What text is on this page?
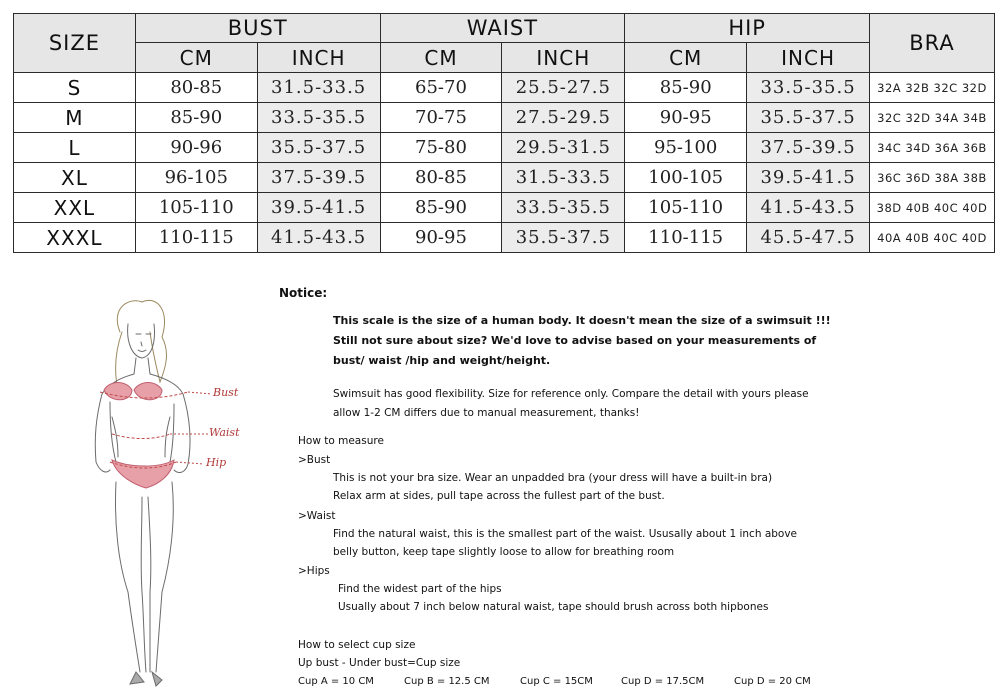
SIZE	BUST		WAIST		HIP		BRA
	CM	INCH	CM	INCH	CM	INCH	
S	80-85	31.5-33.5	65-70	25.5-27.5	85-90	33.5-35.5	32A 32B 32C 32D
M	85-90	33.5-35.5	70-75	27.5-29.5	90-95	35.5-37.5	32C 32D 34A 34B
L	90-96	35.5-37.5	75-80	29.5-31.5	95-100	37.5-39.5	34C 34D 36A 36B
XL	96-105	37.5-39.5	80-85	31.5-33.5	100-105	39.5-41.5	36C 36D 38A 38B
XXL	105-110	39.5-41.5	85-90	33.5-35.5	105-110	41.5-43.5	38D 40B 40C 40D
XXXL	110-115	41.5-43.5	90-95	35.5-37.5	110-115	45.5-47.5	40A 40B 40C 40D
Bust
Waist
Hip
Notice:
This scale is the size of a human body. It doesn't mean the size of a swimsuit !!!
Still not sure about size? We'd love to advise based on your measurements of
bust/ waist /hip and weight/height.
Swimsuit has good flexibility. Size for reference only. Compare the detail with yours please
allow 1-2 CM differs due to manual measurement, thanks!
How to measure
>Bust
This is not your bra size. Wear an unpadded bra (your dress will have a built-in bra)
Relax arm at sides, pull tape across the fullest part of the bust.
>Waist
Find the natural waist, this is the smallest part of the waist. Ususally about 1 inch above
belly button, keep tape slightly loose to allow for breathing room
>Hips
Find the widest part of the hips
Usually about 7 inch below natural waist, tape should brush across both hipbones
How to select cup size
Up bust - Under bust=Cup size
Cup A = 10 CM	Cup B = 12.5 CM	Cup C = 15CM	Cup D = 17.5CM	Cup D = 20 CM
